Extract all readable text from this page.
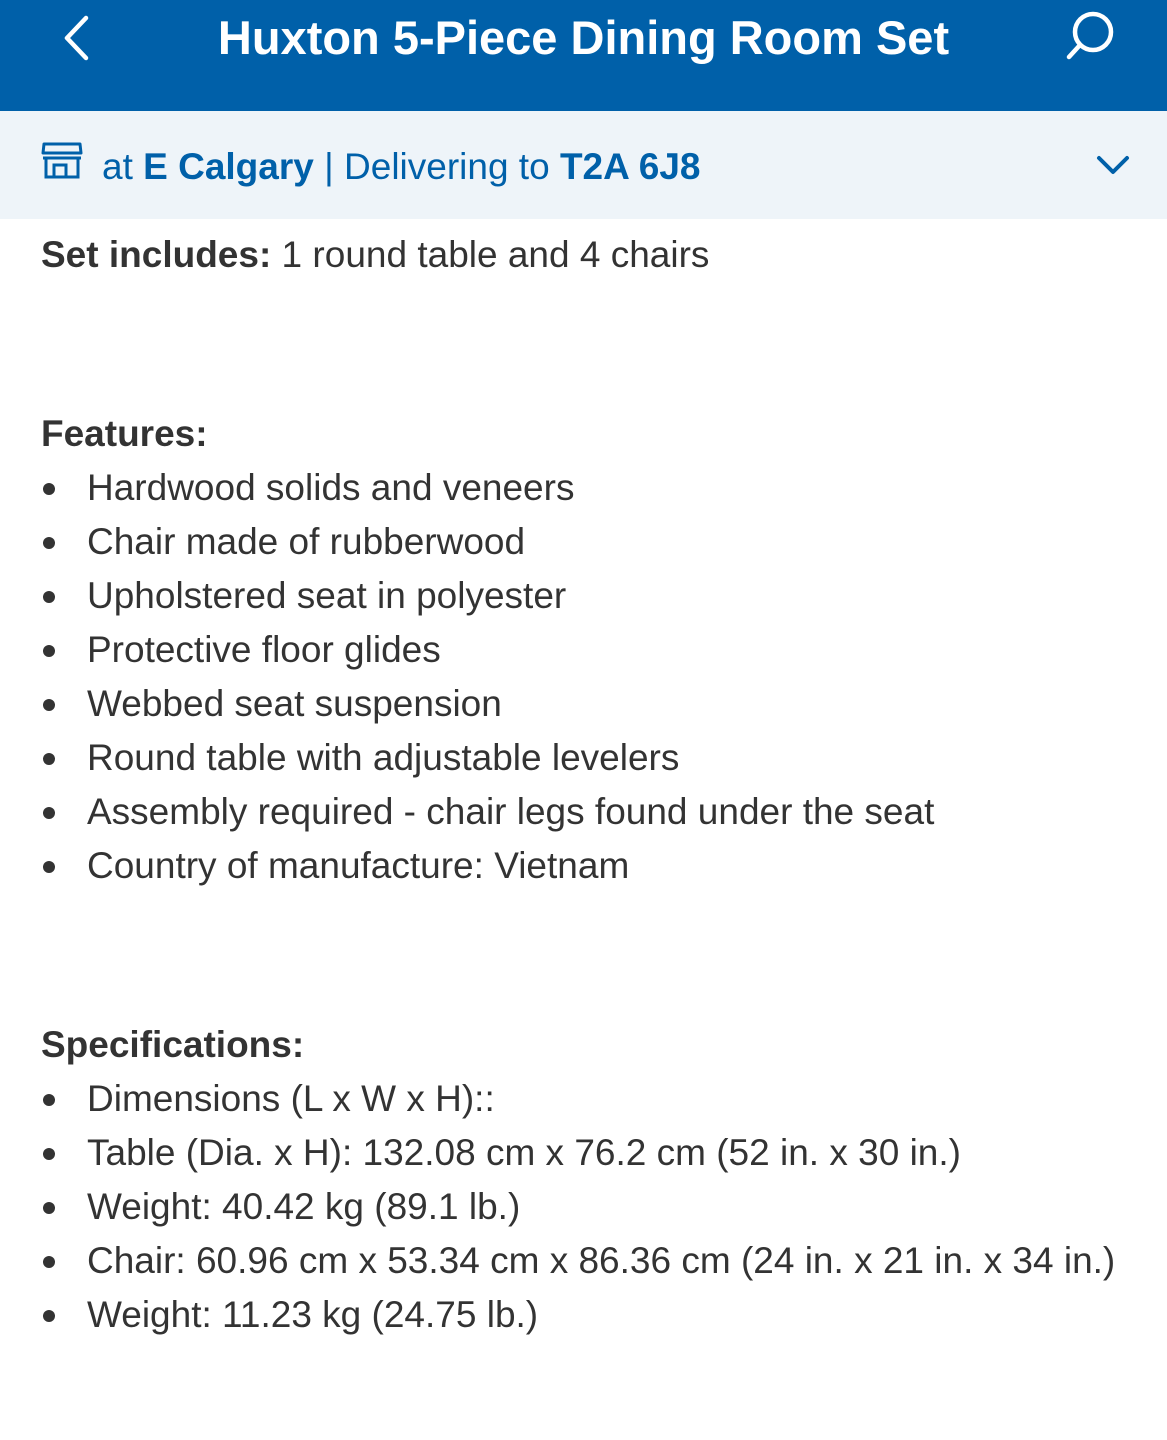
Huxton 5-Piece Dining Room Set
at E Calgary | Delivering to T2A 6J8

Set includes: 1 round table and 4 chairs

Features:

Hardwood solids and veneers
Chair made of rubberwood
Upholstered seat in polyester
Protective floor glides
Webbed seat suspension
Round table with adjustable levelers
Assembly required - chair legs found under the seat
Country of manufacture: Vietnam

Specifications:

Dimensions (L x W x H)::
Table (Dia. x H): 132.08 cm x 76.2 cm (52 in. x 30 in.)
Weight: 40.42 kg (89.1 lb.)
Chair: 60.96 cm x 53.34 cm x 86.36 cm (24 in. x 21 in. x 34 in.)
Weight: 11.23 kg (24.75 lb.)
